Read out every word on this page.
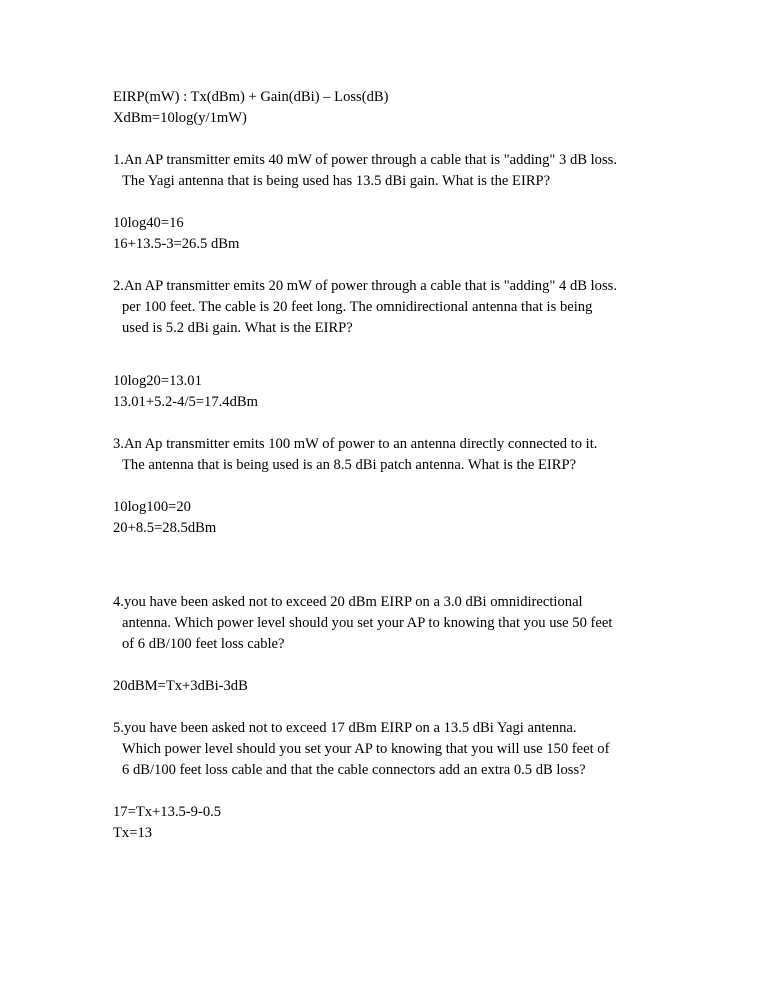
EIRP(mW) : Tx(dBm) + Gain(dBi) – Loss(dB)
XdBm=10log(y/1mW)
1.An AP transmitter emits 40 mW of power through a cable that is "adding" 3 dB loss.
The Yagi antenna that is being used has 13.5 dBi gain. What is the EIRP?
10log40=16
16+13.5-3=26.5 dBm
2.An AP transmitter emits 20 mW of power through a cable that is "adding" 4 dB loss.
per 100 feet. The cable is 20 feet long. The omnidirectional antenna that is being
used is 5.2 dBi gain. What is the EIRP?
10log20=13.01
13.01+5.2-4/5=17.4dBm
3.An Ap transmitter emits 100 mW of power to an antenna directly connected to it.
The antenna that is being used is an 8.5 dBi patch antenna. What is the EIRP?
10log100=20
20+8.5=28.5dBm
4.you have been asked not to exceed 20 dBm EIRP on a 3.0 dBi omnidirectional
antenna. Which power level should you set your AP to knowing that you use 50 feet
of 6 dB/100 feet loss cable?
20dBM=Tx+3dBi-3dB
5.you have been asked not to exceed 17 dBm EIRP on a 13.5 dBi Yagi antenna.
Which power level should you set your AP to knowing that you will use 150 feet of
6 dB/100 feet loss cable and that the cable connectors add an extra 0.5 dB loss?
17=Tx+13.5-9-0.5
Tx=13
